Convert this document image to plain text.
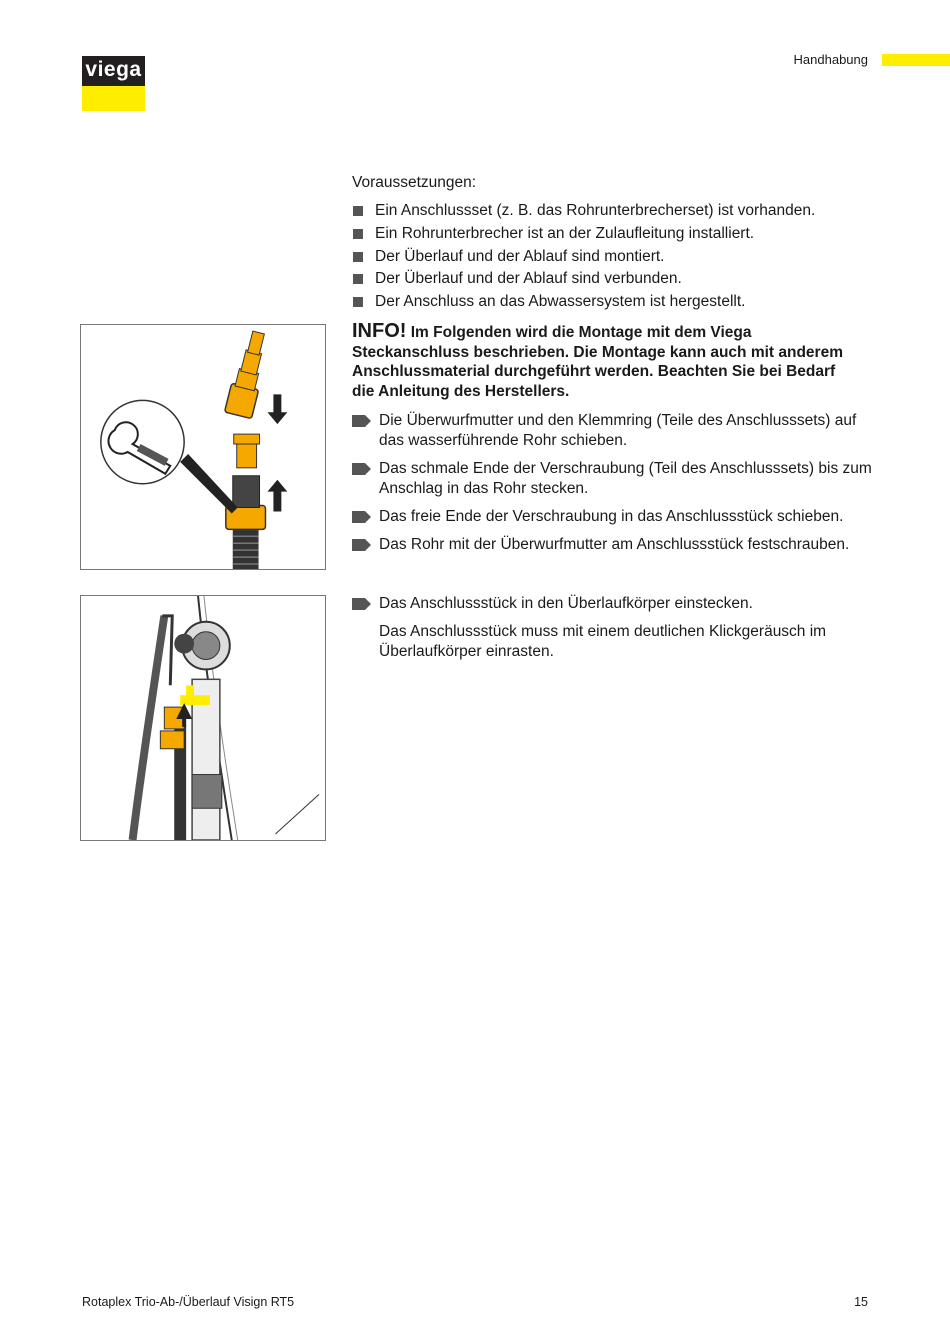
viega	Handhabung
Voraussetzungen:
Ein Anschlussset (z. B. das Rohrunterbrecherset) ist vorhanden.
Ein Rohrunterbrecher ist an der Zulaufleitung installiert.
Der Überlauf und der Ablauf sind montiert.
Der Überlauf und der Ablauf sind verbunden.
Der Anschluss an das Abwassersystem ist hergestellt.
INFO! Im Folgenden wird die Montage mit dem Viega Steckanschluss beschrieben. Die Montage kann auch mit anderem Anschlussmaterial durchgeführt werden. Beachten Sie bei Bedarf die Anleitung des Herstellers.
Die Überwurfmutter und den Klemmring (Teile des Anschlusssets) auf das wasserführende Rohr schieben.
Das schmale Ende der Verschraubung (Teil des Anschlusssets) bis zum Anschlag in das Rohr stecken.
Das freie Ende der Verschraubung in das Anschlussstück schieben.
Das Rohr mit der Überwurfmutter am Anschlussstück festschrauben.
Das Anschlussstück in den Überlaufkörper einstecken.
Das Anschlussstück muss mit einem deutlichen Klickgeräusch im Überlaufkörper einrasten.
Rotaplex Trio-Ab-/Überlauf Visign RT5	15
